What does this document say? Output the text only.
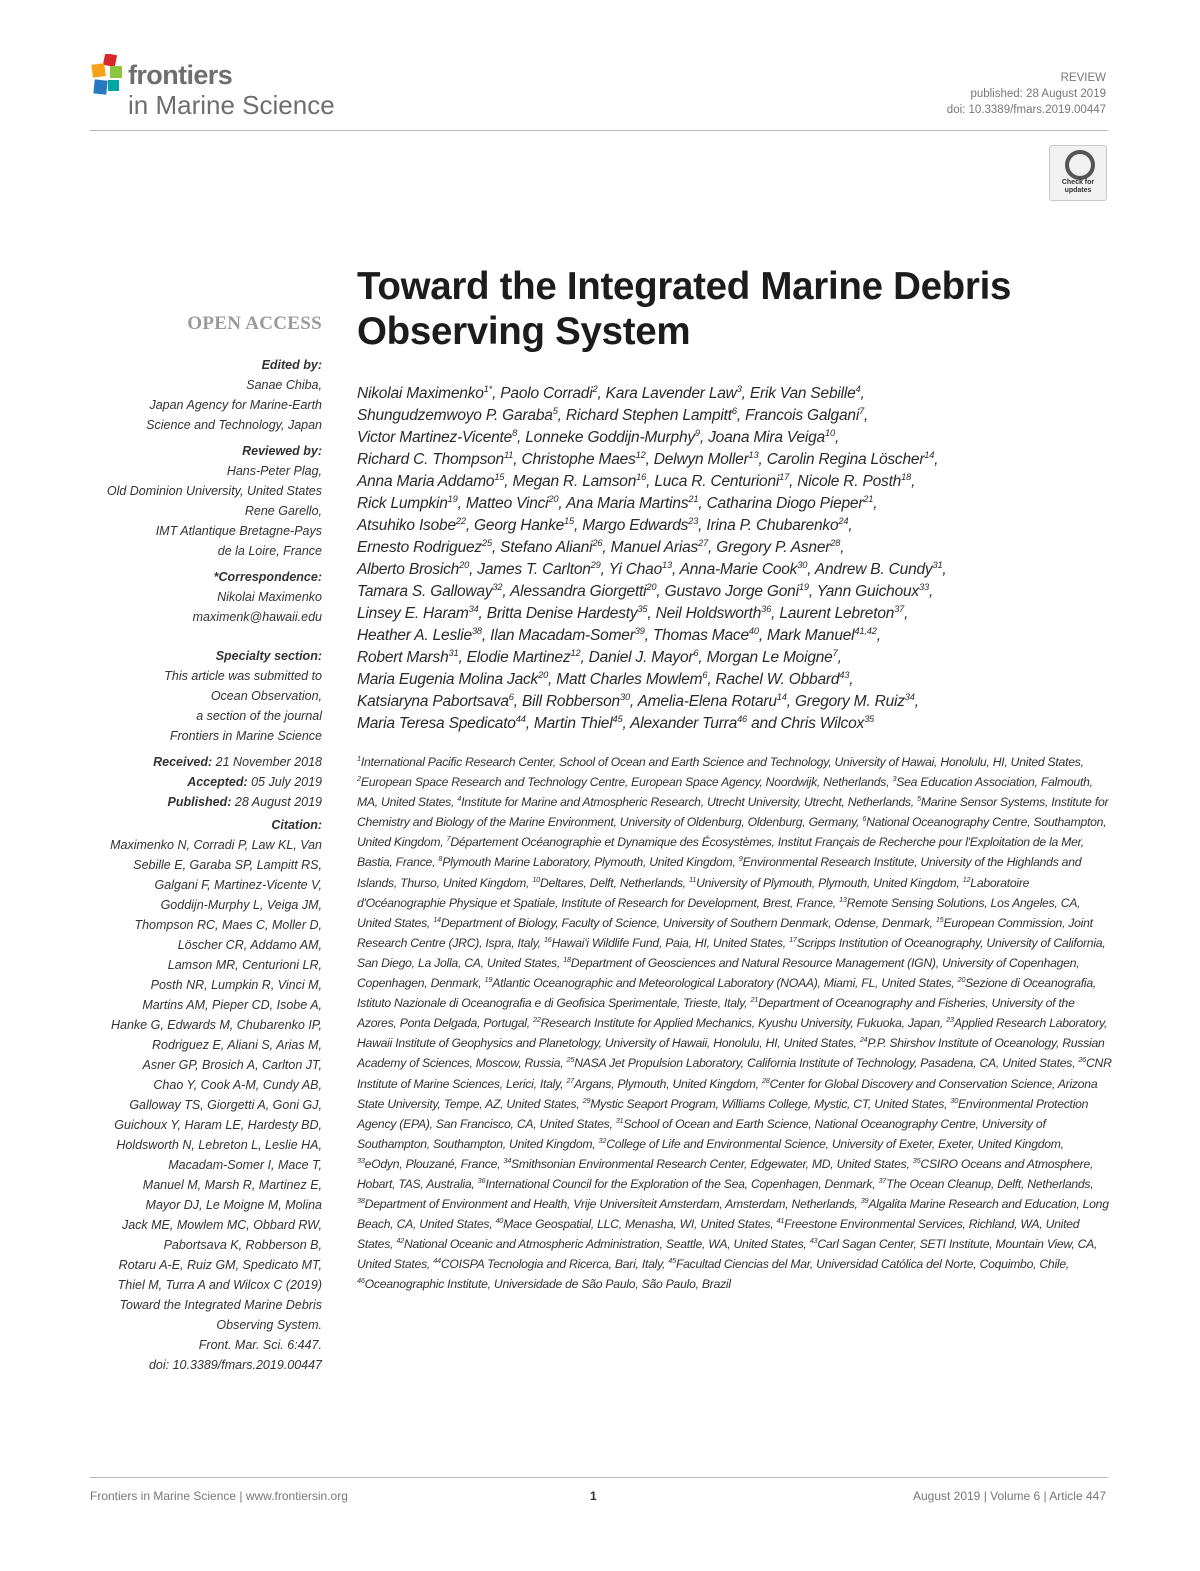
frontiers
in Marine Science
REVIEW
published: 28 August 2019
doi: 10.3389/fmars.2019.00447
Check for updates
Toward the Integrated Marine Debris Observing System
OPEN ACCESS
Edited by:
Sanae Chiba,
Japan Agency for Marine-Earth
Science and Technology, Japan
Reviewed by:
Hans-Peter Plag,
Old Dominion University, United States
Rene Garello,
IMT Atlantique Bretagne-Pays
de la Loire, France
*Correspondence:
Nikolai Maximenko
maximenk@hawaii.edu
Specialty section:
This article was submitted to
Ocean Observation,
a section of the journal
Frontiers in Marine Science
Received: 21 November 2018
Accepted: 05 July 2019
Published: 28 August 2019
Citation:
Maximenko N, Corradi P, Law KL, Van
Sebille E, Garaba SP, Lampitt RS,
Galgani F, Martinez-Vicente V,
Goddijn-Murphy L, Veiga JM,
Thompson RC, Maes C, Moller D,
Löscher CR, Addamo AM,
Lamson MR, Centurioni LR,
Posth NR, Lumpkin R, Vinci M,
Martins AM, Pieper CD, Isobe A,
Hanke G, Edwards M, Chubarenko IP,
Rodriguez E, Aliani S, Arias M,
Asner GP, Brosich A, Carlton JT,
Chao Y, Cook A-M, Cundy AB,
Galloway TS, Giorgetti A, Goni GJ,
Guichoux Y, Haram LE, Hardesty BD,
Holdsworth N, Lebreton L, Leslie HA,
Macadam-Somer I, Mace T,
Manuel M, Marsh R, Martinez E,
Mayor DJ, Le Moigne M, Molina
Jack ME, Mowlem MC, Obbard RW,
Pabortsava K, Robberson B,
Rotaru A-E, Ruiz GM, Spedicato MT,
Thiel M, Turra A and Wilcox C (2019)
Toward the Integrated Marine Debris
Observing System.
Front. Mar. Sci. 6:447.
doi: 10.3389/fmars.2019.00447
Nikolai Maximenko$^{1*}$, Paolo Corradi$^2$, Kara Lavender Law$^3$, Erik Van Sebille$^4$,
Shungudzemwoyo P. Garaba$^5$, Richard Stephen Lampitt$^6$, Francois Galgani$^7$,
Victor Martinez-Vicente$^8$, Lonneke Goddijn-Murphy$^9$, Joana Mira Veiga$^{10}$,
Richard C. Thompson$^{11}$, Christophe Maes$^{12}$, Delwyn Moller$^{13}$, Carolin Regina Löscher$^{14}$,
Anna Maria Addamo$^{15}$, Megan R. Lamson$^{16}$, Luca R. Centurioni$^{17}$, Nicole R. Posth$^{18}$,
Rick Lumpkin$^{19}$, Matteo Vinci$^{20}$, Ana Maria Martins$^{21}$, Catharina Diogo Pieper$^{21}$,
Atsuhiko Isobe$^{22}$, Georg Hanke$^{15}$, Margo Edwards$^{23}$, Irina P. Chubarenko$^{24}$,
Ernesto Rodriguez$^{25}$, Stefano Aliani$^{26}$, Manuel Arias$^{27}$, Gregory P. Asner$^{28}$,
Alberto Brosich$^{20}$, James T. Carlton$^{29}$, Yi Chao$^{13}$, Anna-Marie Cook$^{30}$, Andrew B. Cundy$^{31}$,
Tamara S. Galloway$^{32}$, Alessandra Giorgetti$^{20}$, Gustavo Jorge Goni$^{19}$, Yann Guichoux$^{33}$,
Linsey E. Haram$^{34}$, Britta Denise Hardesty$^{35}$, Neil Holdsworth$^{36}$, Laurent Lebreton$^{37}$,
Heather A. Leslie$^{38}$, Ilan Macadam-Somer$^{39}$, Thomas Mace$^{40}$, Mark Manuel$^{41,42}$,
Robert Marsh$^{31}$, Elodie Martinez$^{12}$, Daniel J. Mayor$^6$, Morgan Le Moigne$^7$,
Maria Eugenia Molina Jack$^{20}$, Matt Charles Mowlem$^6$, Rachel W. Obbard$^{43}$,
Katsiaryna Pabortsava$^6$, Bill Robberson$^{30}$, Amelia-Elena Rotaru$^{14}$, Gregory M. Ruiz$^{34}$,
Maria Teresa Spedicato$^{44}$, Martin Thiel$^{45}$, Alexander Turra$^{46}$ and Chris Wilcox$^{35}$
$^1$International Pacific Research Center, School of Ocean and Earth Science and Technology, University of Hawai, Honolulu, HI, United States, $^2$European Space Research and Technology Centre, European Space Agency, Noordwijk, Netherlands, $^3$Sea Education Association, Falmouth, MA, United States, $^4$Institute for Marine and Atmospheric Research, Utrecht University, Utrecht, Netherlands, $^5$Marine Sensor Systems, Institute for Chemistry and Biology of the Marine Environment, University of Oldenburg, Oldenburg, Germany, $^6$National Oceanography Centre, Southampton, United Kingdom, $^7$Département Océanographie et Dynamique des Écosystèmes, Institut Français de Recherche pour l'Exploitation de la Mer, Bastia, France, $^8$Plymouth Marine Laboratory, Plymouth, United Kingdom, $^9$Environmental Research Institute, University of the Highlands and Islands, Thurso, United Kingdom, $^{10}$Deltares, Delft, Netherlands, $^{11}$University of Plymouth, Plymouth, United Kingdom, $^{12}$Laboratoire d'Océanographie Physique et Spatiale, Institute of Research for Development, Brest, France, $^{13}$Remote Sensing Solutions, Los Angeles, CA, United States, $^{14}$Department of Biology, Faculty of Science, University of Southern Denmark, Odense, Denmark, $^{15}$European Commission, Joint Research Centre (JRC), Ispra, Italy, $^{16}$Hawai'i Wildlife Fund, Paia, HI, United States, $^{17}$Scripps Institution of Oceanography, University of California, San Diego, La Jolla, CA, United States, $^{18}$Department of Geosciences and Natural Resource Management (IGN), University of Copenhagen, Copenhagen, Denmark, $^{19}$Atlantic Oceanographic and Meteorological Laboratory (NOAA), Miami, FL, United States, $^{20}$Sezione di Oceanografia, Istituto Nazionale di Oceanografia e di Geofisica Sperimentale, Trieste, Italy, $^{21}$Department of Oceanography and Fisheries, University of the Azores, Ponta Delgada, Portugal, $^{22}$Research Institute for Applied Mechanics, Kyushu University, Fukuoka, Japan, $^{23}$Applied Research Laboratory, Hawaii Institute of Geophysics and Planetology, University of Hawaii, Honolulu, HI, United States, $^{24}$P.P. Shirshov Institute of Oceanology, Russian Academy of Sciences, Moscow, Russia, $^{25}$NASA Jet Propulsion Laboratory, California Institute of Technology, Pasadena, CA, United States, $^{26}$CNR Institute of Marine Sciences, Lerici, Italy, $^{27}$Argans, Plymouth, United Kingdom, $^{28}$Center for Global Discovery and Conservation Science, Arizona State University, Tempe, AZ, United States, $^{29}$Mystic Seaport Program, Williams College, Mystic, CT, United States, $^{30}$Environmental Protection Agency (EPA), San Francisco, CA, United States, $^{31}$School of Ocean and Earth Science, National Oceanography Centre, University of Southampton, Southampton, United Kingdom, $^{32}$College of Life and Environmental Science, University of Exeter, Exeter, United Kingdom, $^{33}$eOdyn, Plouzané, France, $^{34}$Smithsonian Environmental Research Center, Edgewater, MD, United States, $^{35}$CSIRO Oceans and Atmosphere, Hobart, TAS, Australia, $^{36}$International Council for the Exploration of the Sea, Copenhagen, Denmark, $^{37}$The Ocean Cleanup, Delft, Netherlands, $^{38}$Department of Environment and Health, Vrije Universiteit Amsterdam, Amsterdam, Netherlands, $^{39}$Algalita Marine Research and Education, Long Beach, CA, United States, $^{40}$Mace Geospatial, LLC, Menasha, WI, United States, $^{41}$Freestone Environmental Services, Richland, WA, United States, $^{42}$National Oceanic and Atmospheric Administration, Seattle, WA, United States, $^{43}$Carl Sagan Center, SETI Institute, Mountain View, CA, United States, $^{44}$COISPA Tecnologia and Ricerca, Bari, Italy, $^{45}$Facultad Ciencias del Mar, Universidad Católica del Norte, Coquimbo, Chile, $^{46}$Oceanographic Institute, Universidade de São Paulo, São Paulo, Brazil
Frontiers in Marine Science | www.frontiersin.org	1	August 2019 | Volume 6 | Article 447
